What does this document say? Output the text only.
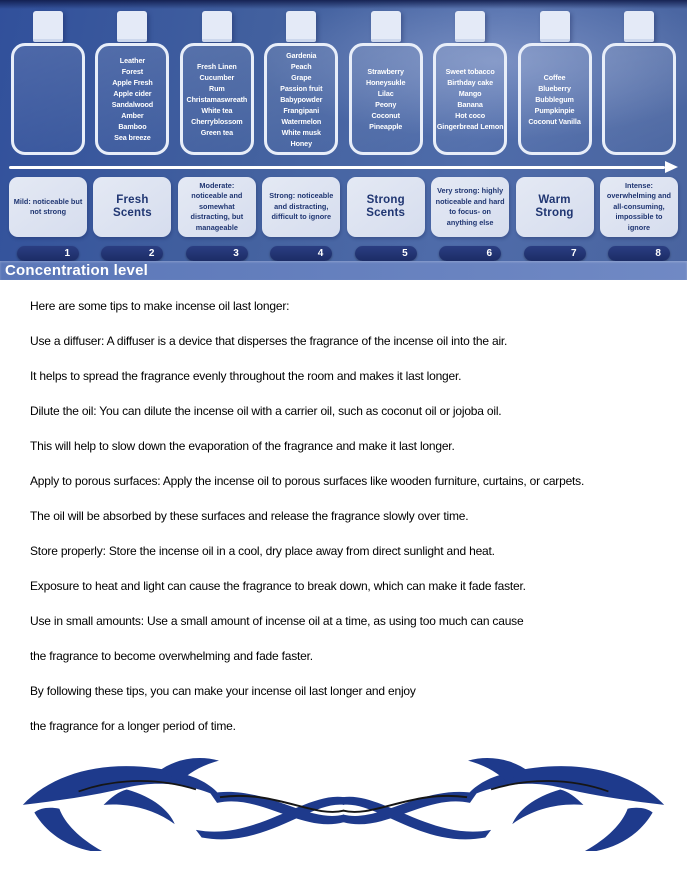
Leather
Forest
Apple Fresh
Apple cider
Sandalwood
Amber
Bamboo
Sea breeze
Fresh Linen
Cucumber
Rum
Christamaswreath
White tea
Cherryblossom
Green tea
Gardenia
Peach
Grape
Passion fruit
Babypowder
Frangipani
Watermelon
White musk
Honey
Strawberry
Honeysukle
Lilac
Peony
Coconut
Pineapple
Sweet tobacco
Birthday cake
Mango
Banana
Hot coco
Gingerbread Lemon
Coffee
Blueberry
Bubblegum
Pumpkinpie
Coconut Vanilla
Mild: noticeable but not strong
Fresh Scents
Moderate: noticeable and somewhat distracting, but manageable
Strong: noticeable and distracting, difficult to ignore
Strong Scents
Very strong: highly noticeable and hard to focus- on anything else
Warm Strong
Intense: overwhelming and all-consuming, impossible to ignore
1	2	3	4	5	6	7	8
Concentration level
Here are some tips to make incense oil last longer:
Use a diffuser: A diffuser is a device that disperses the fragrance of the incense oil into the air.
It helps to spread the fragrance evenly throughout the room and makes it last longer.
Dilute the oil: You can dilute the incense oil with a carrier oil, such as coconut oil or jojoba oil.
This will help to slow down the evaporation of the fragrance and make it last longer.
Apply to porous surfaces: Apply the incense oil to porous surfaces like wooden furniture, curtains, or carpets.
The oil will be absorbed by these surfaces and release the fragrance slowly over time.
Store properly: Store the incense oil in a cool, dry place away from direct sunlight and heat.
Exposure to heat and light can cause the fragrance to break down, which can make it fade faster.
Use in small amounts: Use a small amount of incense oil at a time, as using too much can cause
the fragrance to become overwhelming and fade faster.
By following these tips, you can make your incense oil last longer and enjoy
the fragrance for a longer period of time.
